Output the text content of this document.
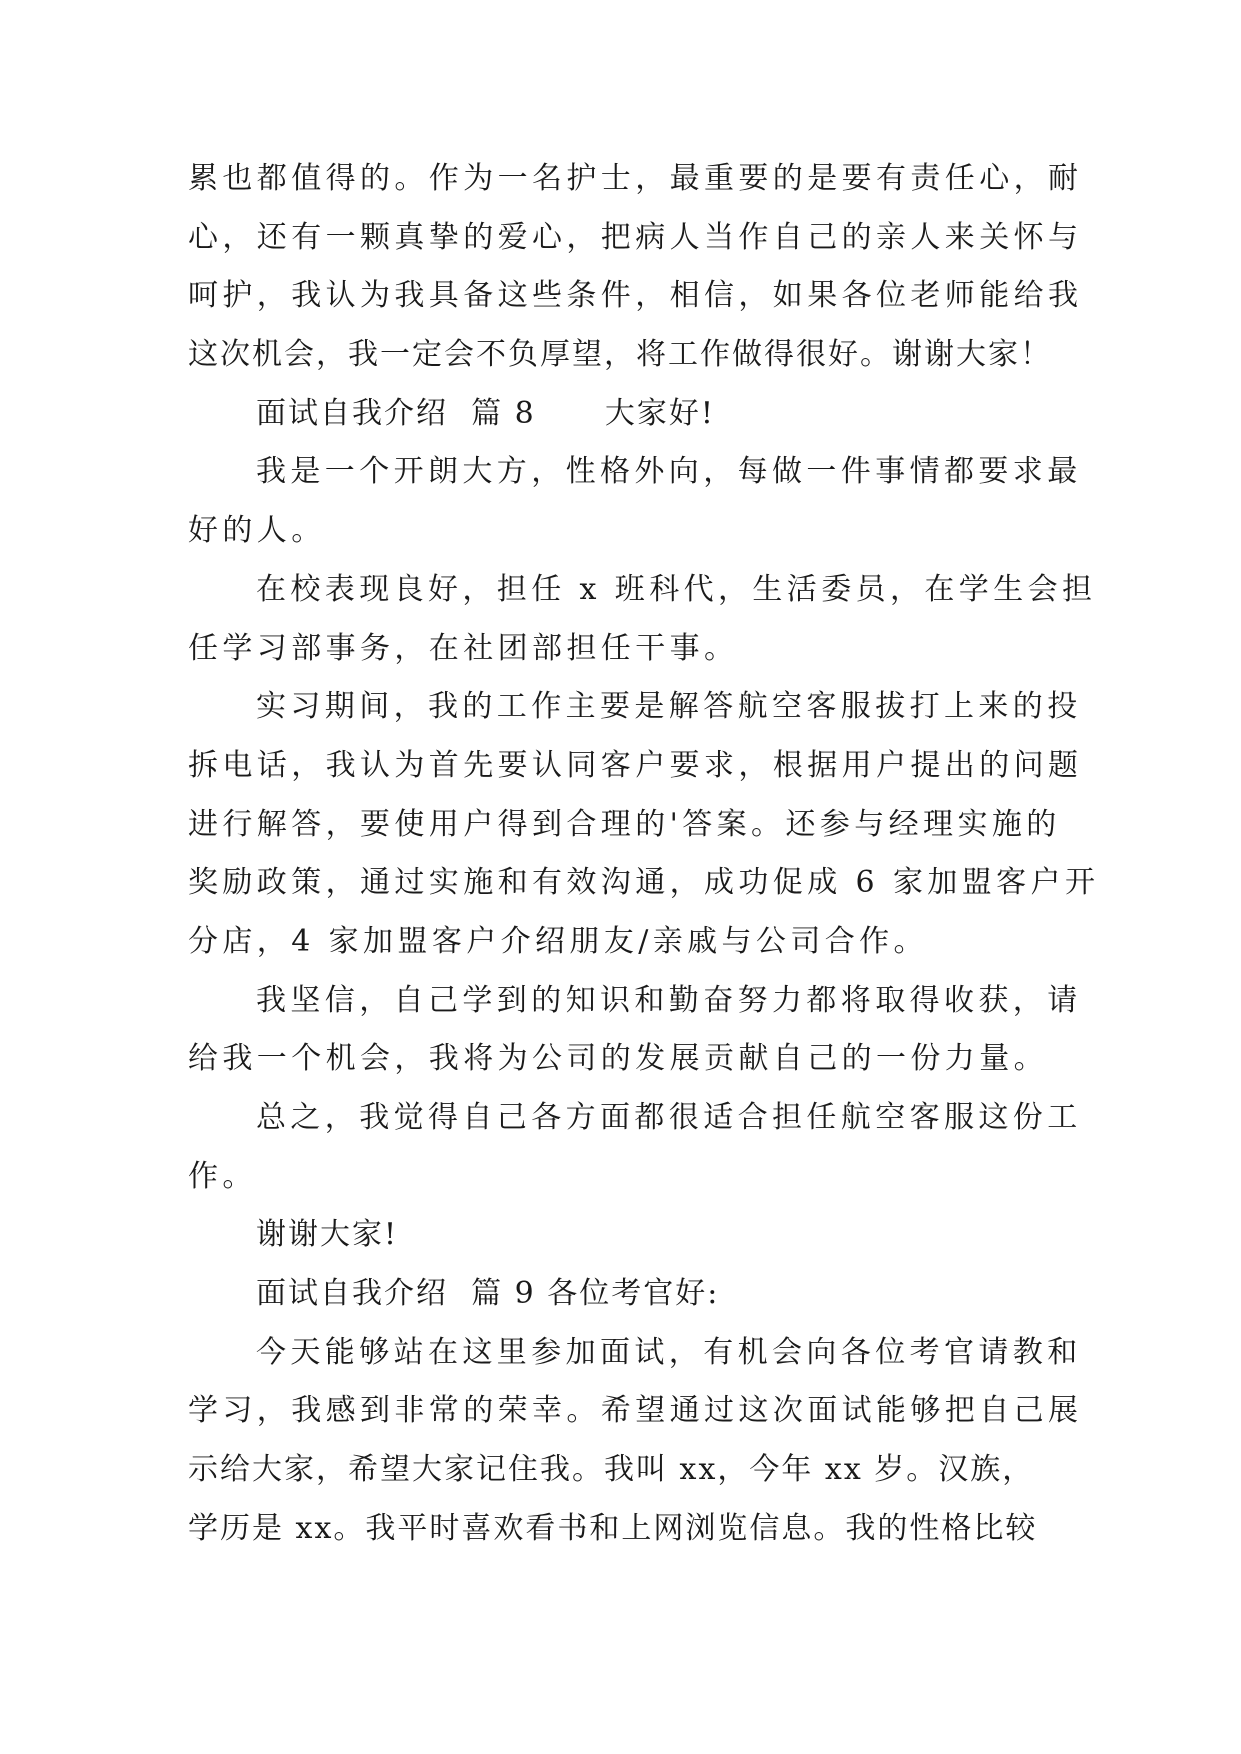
累也都值得的。作为一名护士，最重要的是要有责任心，耐
心，还有一颗真挚的爱心，把病人当作自己的亲人来关怀与
呵护，我认为我具备这些条件，相信，如果各位老师能给我
这次机会，我一定会不负厚望，将工作做得很好。谢谢大家！
面试自我介绍  篇 8      大家好!
我是一个开朗大方，性格外向，每做一件事情都要求最
好的人。
在校表现良好，担任 x 班科代，生活委员，在学生会担
任学习部事务，在社团部担任干事。
实习期间，我的工作主要是解答航空客服拔打上来的投
拆电话，我认为首先要认同客户要求，根据用户提出的问题
进行解答，要使用户得到合理的'答案。还参与经理实施的
奖励政策，通过实施和有效沟通，成功促成 6 家加盟客户开
分店，4 家加盟客户介绍朋友/亲戚与公司合作。
我坚信，自己学到的知识和勤奋努力都将取得收获，请
给我一个机会，我将为公司的发展贡献自己的一份力量。
总之，我觉得自己各方面都很适合担任航空客服这份工
作。
谢谢大家!
面试自我介绍  篇 9 各位考官好:
今天能够站在这里参加面试，有机会向各位考官请教和
学习，我感到非常的荣幸。希望通过这次面试能够把自己展
示给大家，希望大家记住我。我叫 xx，今年 xx 岁。汉族，
学历是 xx。我平时喜欢看书和上网浏览信息。我的性格比较
